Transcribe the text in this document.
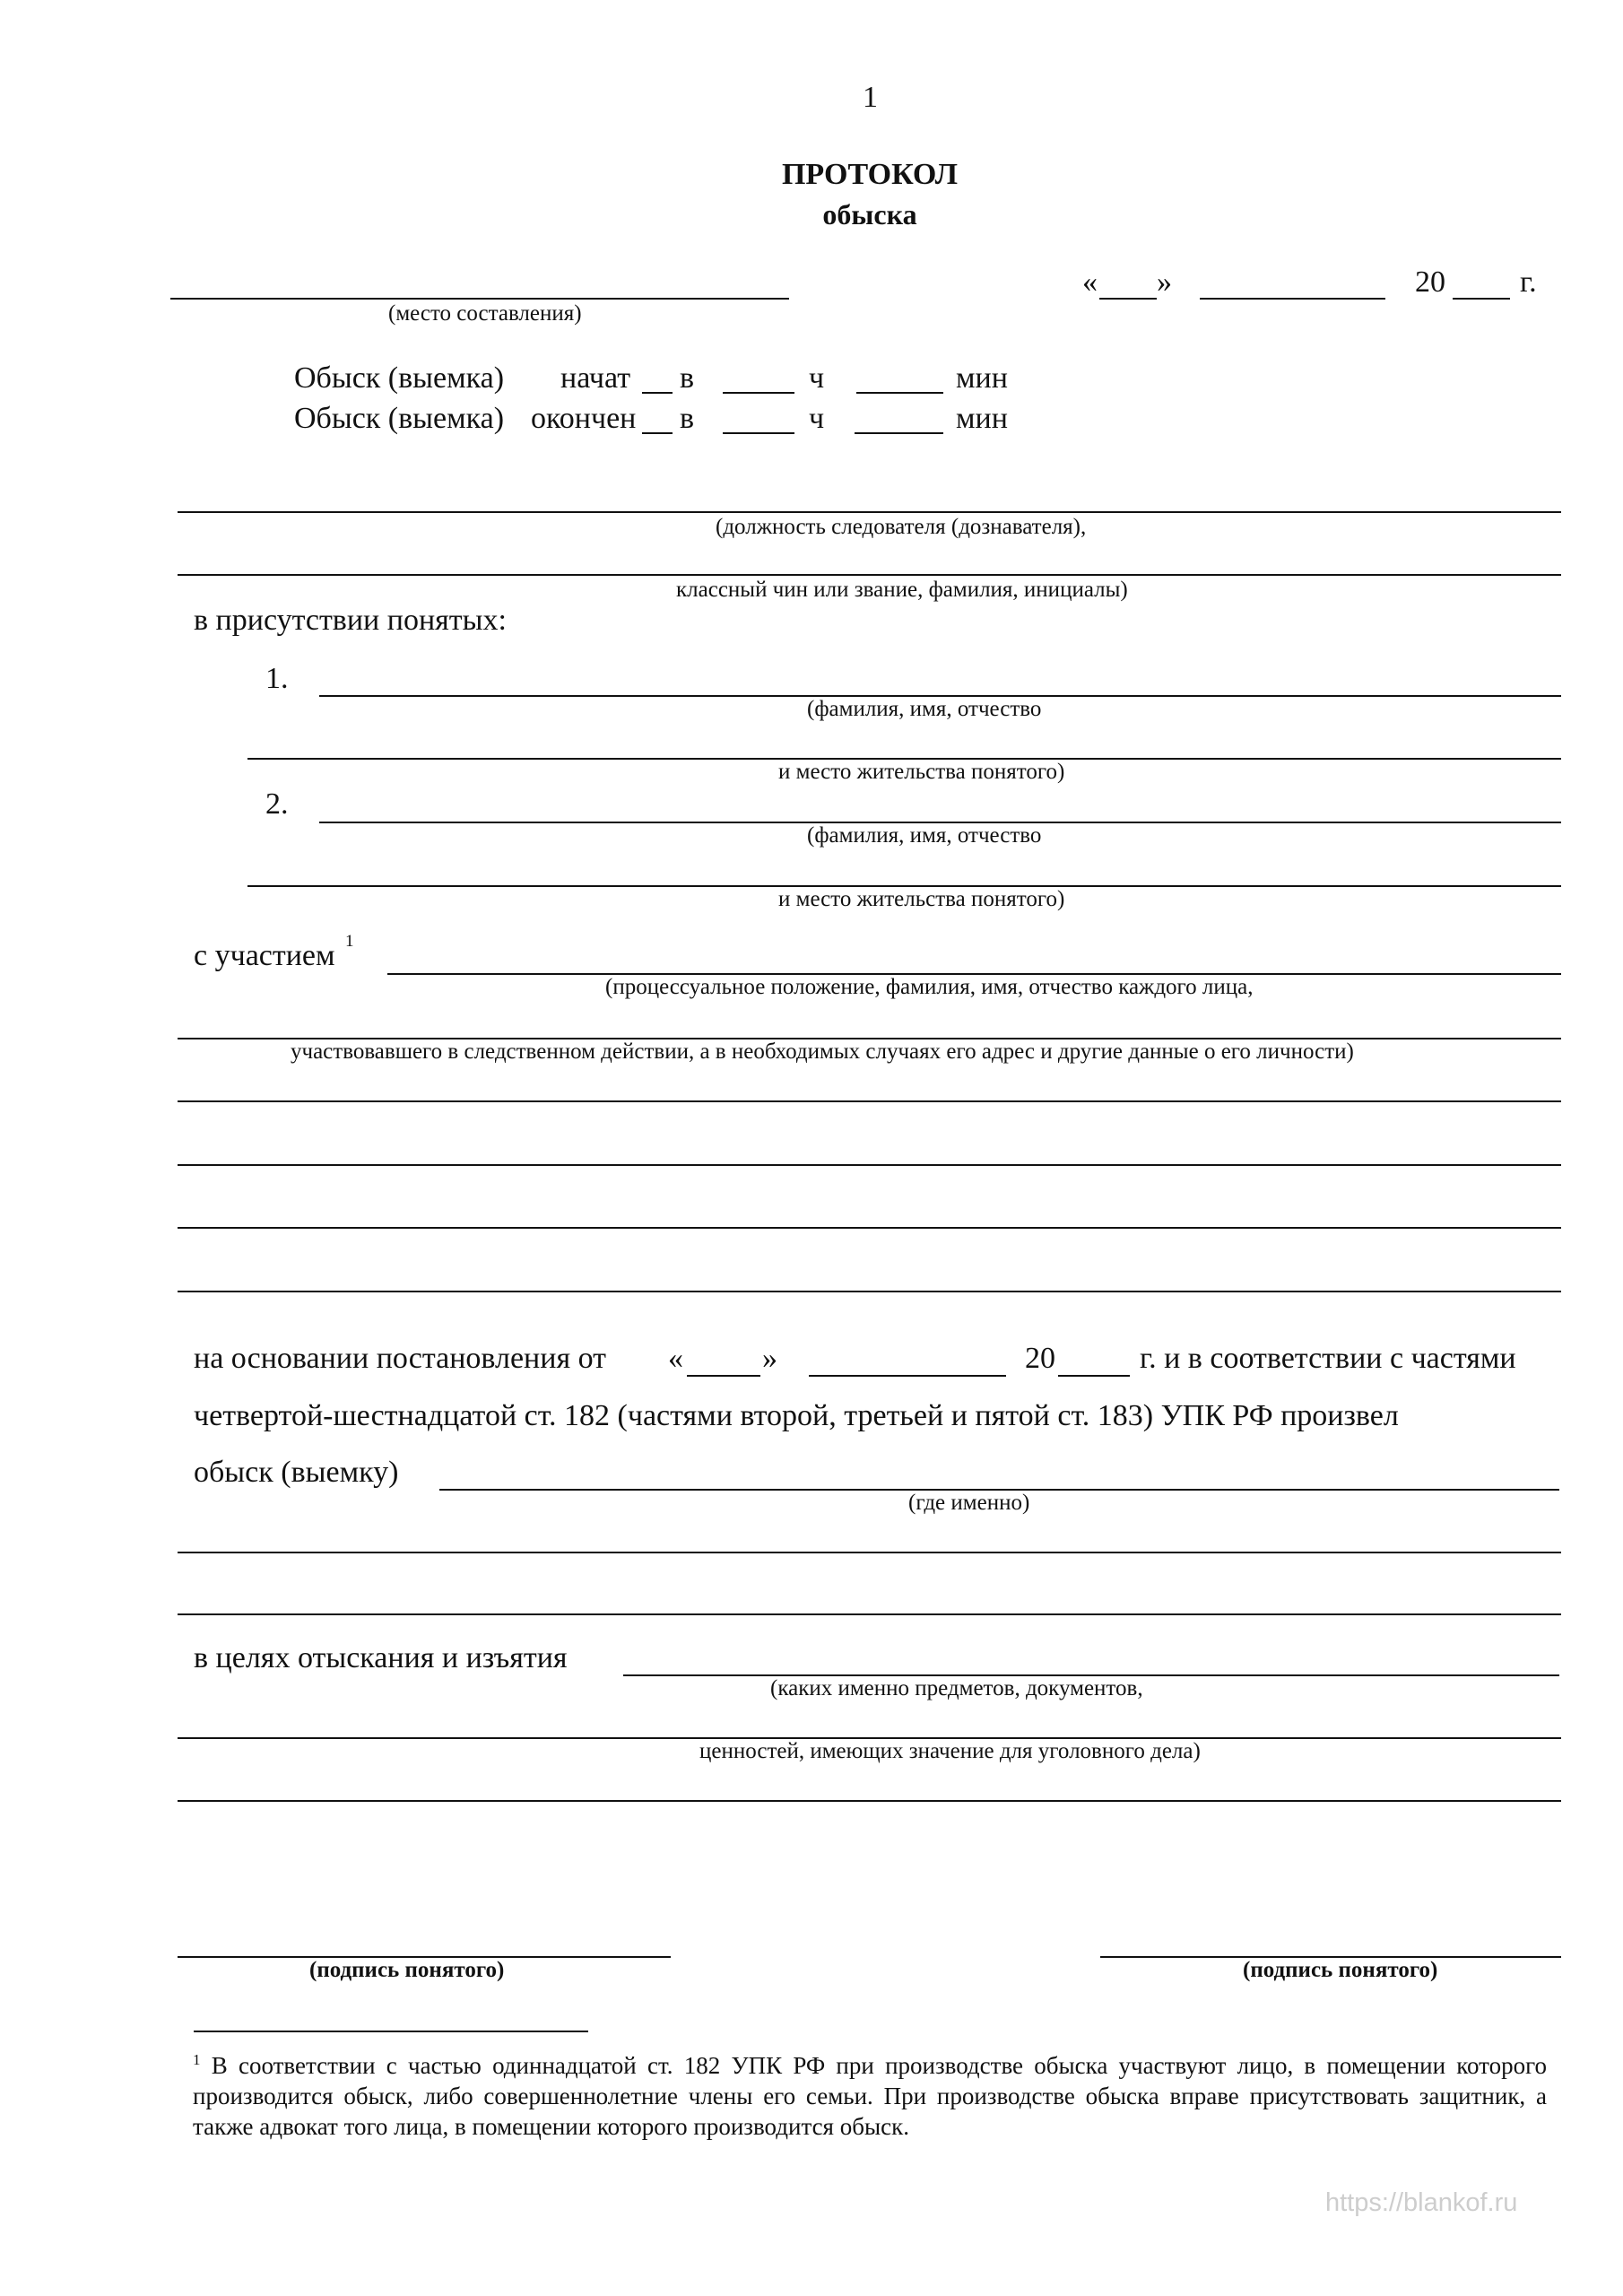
1
ПРОТОКОЛ
обыска
(место составления)
« »	20 г.
Обыск (выемка) начат в	ч	мин
Обыск (выемка) окончен в	ч	мин
(должность следователя (дознавателя),
классный чин или звание, фамилия, инициалы)
в присутствии понятых:
1.
(фамилия, имя, отчество
и место жительства понятого)
2.
(фамилия, имя, отчество
и место жительства понятого)
с участием 1
(процессуальное положение, фамилия, имя, отчество каждого лица,
участвовавшего в следственном действии, а в необходимых случаях его адрес и другие данные о его личности)
на основании постановления от «	»	20	г. и в соответствии с частями
четвертой-шестнадцатой ст. 182 (частями второй, третьей и пятой ст. 183) УПК РФ произвел
обыск (выемку)
(где именно)
в целях отыскания и изъятия
(каких именно предметов, документов,
ценностей, имеющих значение для уголовного дела)
(подпись понятого)	(подпись понятого)
$^1$ В соответствии с частью одиннадцатой ст. 182 УПК РФ при производстве обыска участвуют лицо, в помещении которого производится обыск, либо совершеннолетние члены его семьи. При производстве обыска вправе присутствовать защитник, а также адвокат того лица, в помещении которого производится обыск.
https://blankof.ru
